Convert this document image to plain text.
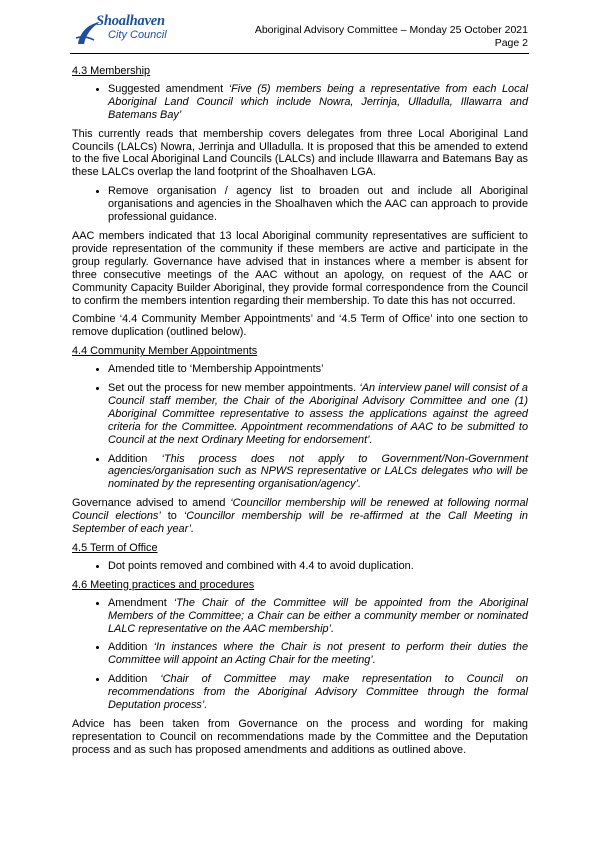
Shoalhaven
City Council	Aboriginal Advisory Committee – Monday 25 October 2021
Page 2
4.3 Membership
• Suggested amendment ‘Five (5) members being a representative from each Local Aboriginal Land Council which include Nowra, Jerrinja, Ulladulla, Illawarra and Batemans Bay’

This currently reads that membership covers delegates from three Local Aboriginal Land Councils (LALCs) Nowra, Jerrinja and Ulladulla. It is proposed that this be amended to extend to the five Local Aboriginal Land Councils (LALCs) and include Illawarra and Batemans Bay as these LALCs overlap the land footprint of the Shoalhaven LGA.

• Remove organisation / agency list to broaden out and include all Aboriginal organisations and agencies in the Shoalhaven which the AAC can approach to provide professional guidance.

AAC members indicated that 13 local Aboriginal community representatives are sufficient to provide representation of the community if these members are active and participate in the group regularly. Governance have advised that in instances where a member is absent for three consecutive meetings of the AAC without an apology, on request of the AAC or Community Capacity Builder Aboriginal, they provide formal correspondence from the Council to confirm the members intention regarding their membership. To date this has not occurred.

Combine ‘4.4 Community Member Appointments’ and ‘4.5 Term of Office’ into one section to remove duplication (outlined below).

4.4 Community Member Appointments
• Amended title to ‘Membership Appointments’
• Set out the process for new member appointments. ‘An interview panel will consist of a Council staff member, the Chair of the Aboriginal Advisory Committee and one (1) Aboriginal Committee representative to assess the applications against the agreed criteria for the Committee. Appointment recommendations of AAC to be submitted to Council at the next Ordinary Meeting for endorsement’.
• Addition ‘This process does not apply to Government/Non-Government agencies/organisation such as NPWS representative or LALCs delegates who will be nominated by the representing organisation/agency’.

Governance advised to amend ‘Councillor membership will be renewed at following normal Council elections’ to ‘Councillor membership will be re-affirmed at the Call Meeting in September of each year’.

4.5 Term of Office
• Dot points removed and combined with 4.4 to avoid duplication.
4.6 Meeting practices and procedures
• Amendment ‘The Chair of the Committee will be appointed from the Aboriginal Members of the Committee; a Chair can be either a community member or nominated LALC representative on the AAC membership’.
• Addition ‘In instances where the Chair is not present to perform their duties the Committee will appoint an Acting Chair for the meeting’.
• Addition ‘Chair of Committee may make representation to Council on recommendations from the Aboriginal Advisory Committee through the formal Deputation process’.

Advice has been taken from Governance on the process and wording for making representation to Council on recommendations made by the Committee and the Deputation process and as such has proposed amendments and additions as outlined above.
